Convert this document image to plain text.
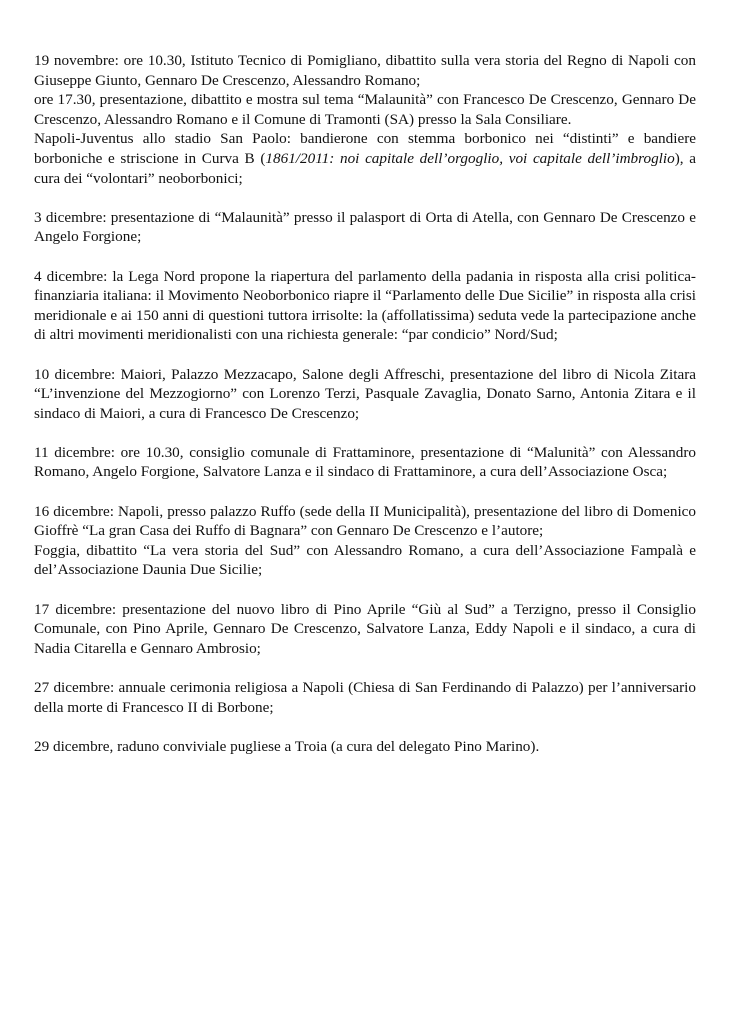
19 novembre: ore 10.30, Istituto Tecnico di Pomigliano, dibattito sulla vera storia del Regno di Napoli con Giuseppe Giunto, Gennaro De Crescenzo, Alessandro Romano;
ore 17.30, presentazione, dibattito e mostra sul tema “Malaunità” con Francesco De Crescenzo, Gennaro De Crescenzo, Alessandro Romano e il Comune di Tramonti (SA) presso la Sala Consiliare.
Napoli-Juventus allo stadio San Paolo: bandierone con stemma borbonico nei “distinti” e bandiere borboniche e striscione in Curva B (1861/2011: noi capitale dell’orgoglio, voi capitale dell’imbroglio), a cura dei “volontari” neoborbonici;

3 dicembre: presentazione di “Malaunità” presso il palasport di Orta di Atella, con Gennaro De Crescenzo e Angelo Forgione;

4 dicembre: la Lega Nord propone la riapertura del parlamento della padania in risposta alla crisi politica-finanziaria italiana: il Movimento Neoborbonico riapre il “Parlamento delle Due Sicilie” in risposta alla crisi meridionale e ai 150 anni di questioni tuttora irrisolte: la (affollatissima) seduta vede la partecipazione anche di altri movimenti meridionalisti con una richiesta generale: “par condicio” Nord/Sud;

10 dicembre: Maiori, Palazzo Mezzacapo, Salone degli Affreschi, presentazione del libro di Nicola Zitara “L’invenzione del Mezzogiorno” con Lorenzo Terzi, Pasquale Zavaglia, Donato Sarno, Antonia Zitara e il sindaco di Maiori, a cura di Francesco De Crescenzo;

11 dicembre: ore 10.30, consiglio comunale di Frattaminore, presentazione di “Malunità” con Alessandro Romano, Angelo Forgione, Salvatore Lanza e il sindaco di Frattaminore, a cura dell’Associazione Osca;

16 dicembre: Napoli, presso palazzo Ruffo (sede della II Municipalità), presentazione del libro di Domenico Gioffrè “La gran Casa dei Ruffo di Bagnara” con Gennaro De Crescenzo e l’autore;
Foggia, dibattito “La vera storia del Sud” con Alessandro Romano, a cura dell’Associazione Fampalà e del’Associazione Daunia Due Sicilie;

17 dicembre: presentazione del nuovo libro di Pino Aprile “Giù al Sud” a Terzigno, presso il Consiglio Comunale, con Pino Aprile, Gennaro De Crescenzo, Salvatore Lanza, Eddy Napoli e il sindaco, a cura di Nadia Citarella e Gennaro Ambrosio;

27 dicembre: annuale cerimonia religiosa a Napoli (Chiesa di San Ferdinando di Palazzo) per l’anniversario della morte di Francesco II di Borbone;

29 dicembre, raduno conviviale pugliese a Troia (a cura del delegato Pino Marino).
